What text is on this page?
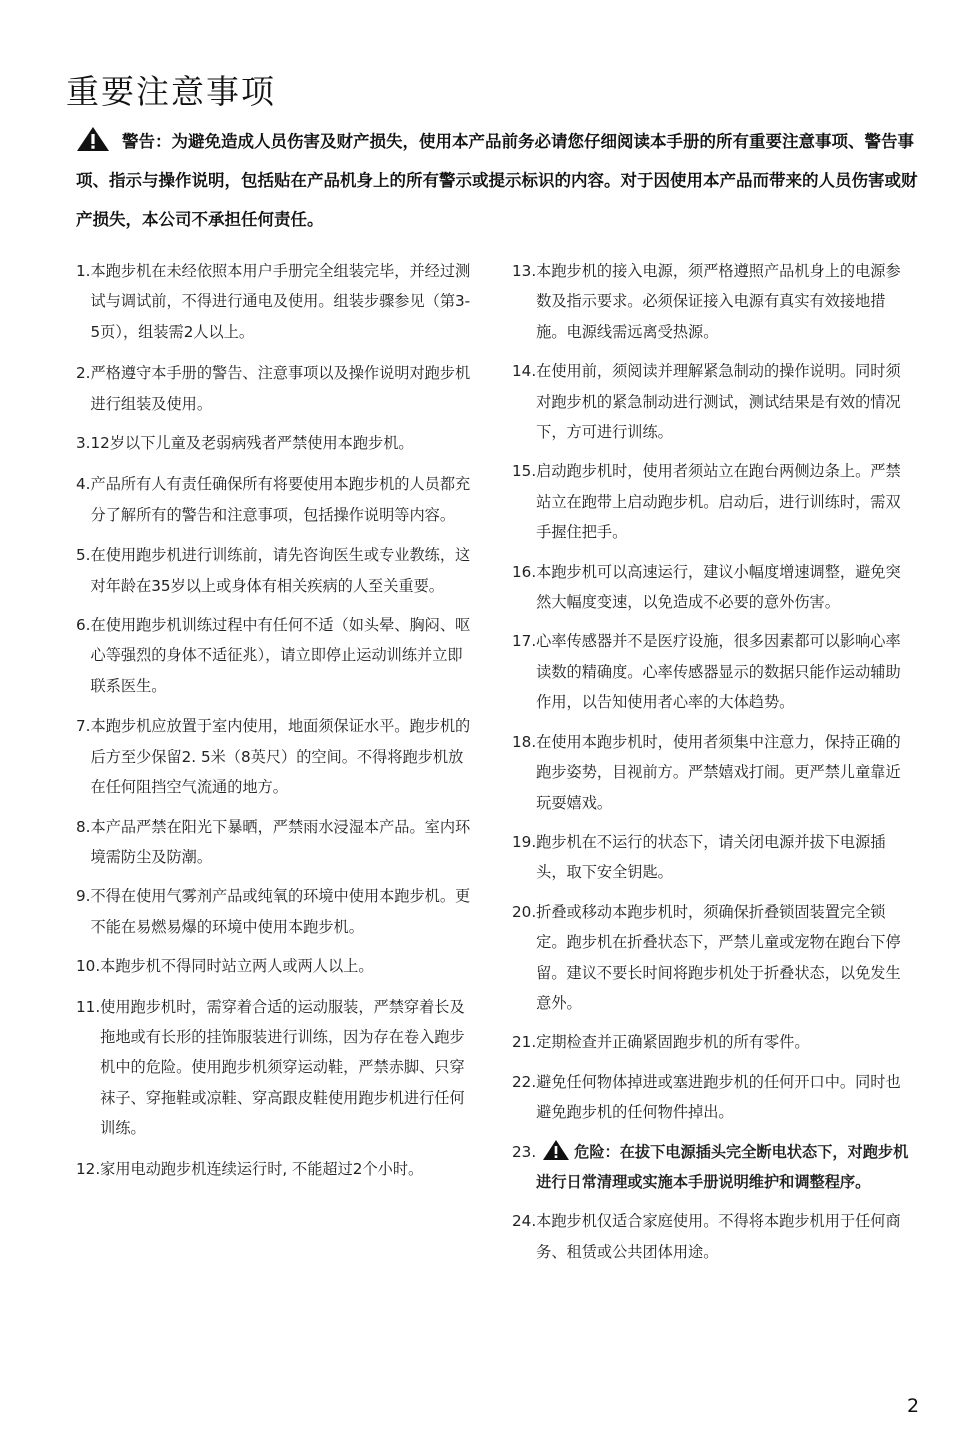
重要注意事项
警告：为避免造成人员伤害及财产损失，使用本产品前务必请您仔细阅读本手册的所有重要注意事项、警告事项、指示与操作说明，包括贴在产品机身上的所有警示或提示标识的内容。对于因使用本产品而带来的人员伤害或财产损失，本公司不承担任何责任。
1. 本跑步机在未经依照本用户手册完全组装完毕，并经过测试与调试前，不得进行通电及使用。组装步骤参见（第3-5页），组装需2人以上。
2. 严格遵守本手册的警告、注意事项以及操作说明对跑步机进行组装及使用。
3. 12岁以下儿童及老弱病残者严禁使用本跑步机。
4. 产品所有人有责任确保所有将要使用本跑步机的人员都充分了解所有的警告和注意事项，包括操作说明等内容。
5. 在使用跑步机进行训练前，请先咨询医生或专业教练，这对年龄在35岁以上或身体有相关疾病的人至关重要。
6. 在使用跑步机训练过程中有任何不适（如头晕、胸闷、呕心等强烈的身体不适征兆），请立即停止运动训练并立即联系医生。
7. 本跑步机应放置于室内使用，地面须保证水平。跑步机的后方至少保留2. 5米（8英尺）的空间。不得将跑步机放在任何阻挡空气流通的地方。
8. 本产品严禁在阳光下暴晒，严禁雨水浸湿本产品。室内环境需防尘及防潮。
9. 不得在使用气雾剂产品或纯氧的环境中使用本跑步机。更不能在易燃易爆的环境中使用本跑步机。
10. 本跑步机不得同时站立两人或两人以上。
11. 使用跑步机时，需穿着合适的运动服装，严禁穿着长及拖地或有长形的挂饰服装进行训练，因为存在卷入跑步机中的危险。使用跑步机须穿运动鞋，严禁赤脚、只穿袜子、穿拖鞋或凉鞋、穿高跟皮鞋使用跑步机进行任何训练。
12. 家用电动跑步机连续运行时, 不能超过2个小时。
13. 本跑步机的接入电源，须严格遵照产品机身上的电源参数及指示要求。必须保证接入电源有真实有效接地措施。电源线需远离受热源。
14. 在使用前，须阅读并理解紧急制动的操作说明。同时须对跑步机的紧急制动进行测试，测试结果是有效的情况下，方可进行训练。
15. 启动跑步机时，使用者须站立在跑台两侧边条上。严禁站立在跑带上启动跑步机。启动后，进行训练时，需双手握住把手。
16. 本跑步机可以高速运行，建议小幅度增速调整，避免突然大幅度变速，以免造成不必要的意外伤害。
17. 心率传感器并不是医疗设施，很多因素都可以影响心率读数的精确度。心率传感器显示的数据只能作运动辅助作用，以告知使用者心率的大体趋势。
18. 在使用本跑步机时，使用者须集中注意力，保持正确的跑步姿势，目视前方。严禁嬉戏打闹。更严禁儿童靠近玩耍嬉戏。
19. 跑步机在不运行的状态下，请关闭电源并拔下电源插头，取下安全钥匙。
20. 折叠或移动本跑步机时，须确保折叠锁固装置完全锁定。跑步机在折叠状态下，严禁儿童或宠物在跑台下停留。建议不要长时间将跑步机处于折叠状态，以免发生意外。
21. 定期检查并正确紧固跑步机的所有零件。
22. 避免任何物体掉进或塞进跑步机的任何开口中。同时也避免跑步机的任何物件掉出。
23.	危险：在拔下电源插头完全断电状态下，对跑步机进行日常清理或实施本手册说明维护和调整程序。
24. 本跑步机仅适合家庭使用。不得将本跑步机用于任何商务、租赁或公共团体用途。
2
